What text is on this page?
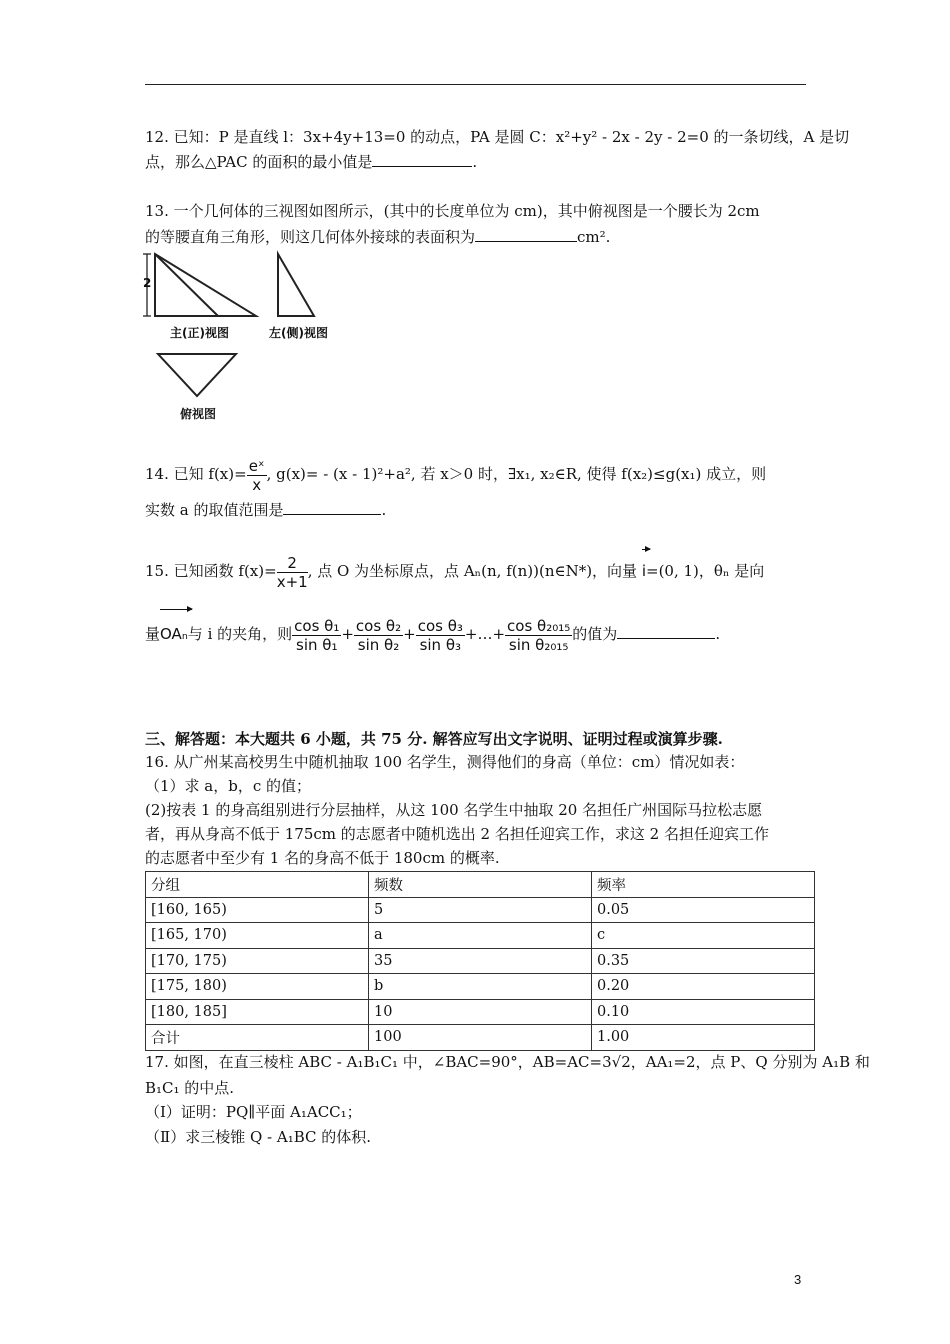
12. 已知：P 是直线 l：3x+4y+13=0 的动点，PA 是圆 C：x²+y² - 2x - 2y - 2=0 的一条切线，A 是切
点，那么△PAC 的面积的最小值是	.
13. 一个几何体的三视图如图所示，(其中的长度单位为 cm)，其中俯视图是一个腰长为 2cm
的等腰直角三角形，则这几何体外接球的表面积为	cm².
2
主(正)视图	左(侧)视图
俯视图
14. 已知 $f(x)= \frac{\text{eˣ}}{x}$ , g(x)= - (x - 1)²+a², 若 x＞0 时，∃x₁, x₂∈R, 使得 f(x₂)≤g(x₁) 成立，则
实数 a 的取值范围是	.
15. 已知函数 $f(x)= \frac{2}{x+1}$ , 点 O 为坐标原点，点 Aₙ(n, f(n))(n∈N*)，向量 i=(0, 1)，θₙ 是向
量OAₙ与 i 的夹角，则 $\frac{\text{cos θ₁}}{\text{sin θ₁}} + \frac{\text{cos θ₂}}{\text{sin θ₂}} + \frac{\text{cos θ₃}}{\text{sin θ₃}}$ +…+ $\frac{\text{cos θ₂₀₁₅}}{\text{sin θ₂₀₁₅}}$ 的值为	.
三、解答题：本大题共 6 小题，共 75 分. 解答应写出文字说明、证明过程或演算步骤.
16. 从广州某高校男生中随机抽取 100 名学生，测得他们的身高（单位：cm）情况如表：
（1）求 a，b，c 的值；
(2)按表 1 的身高组别进行分层抽样，从这 100 名学生中抽取 20 名担任广州国际马拉松志愿
者，再从身高不低于 175cm 的志愿者中随机选出 2 名担任迎宾工作，求这 2 名担任迎宾工作
的志愿者中至少有 1 名的身高不低于 180cm 的概率.
分组	频数	频率
[160, 165)	5	0.05
[165, 170)	a	c
[170, 175)	35	0.35
[175, 180)	b	0.20
[180, 185]	10	0.10
合计	100	1.00
17. 如图，在直三棱柱 ABC - A₁B₁C₁ 中，∠BAC=90°，AB=AC=3√2，AA₁=2，点 P、Q 分别为 A₁B 和
B₁C₁ 的中点.
（Ⅰ）证明：PQ∥平面 A₁ACC₁；
（Ⅱ）求三棱锥 Q - A₁BC 的体积.
3
